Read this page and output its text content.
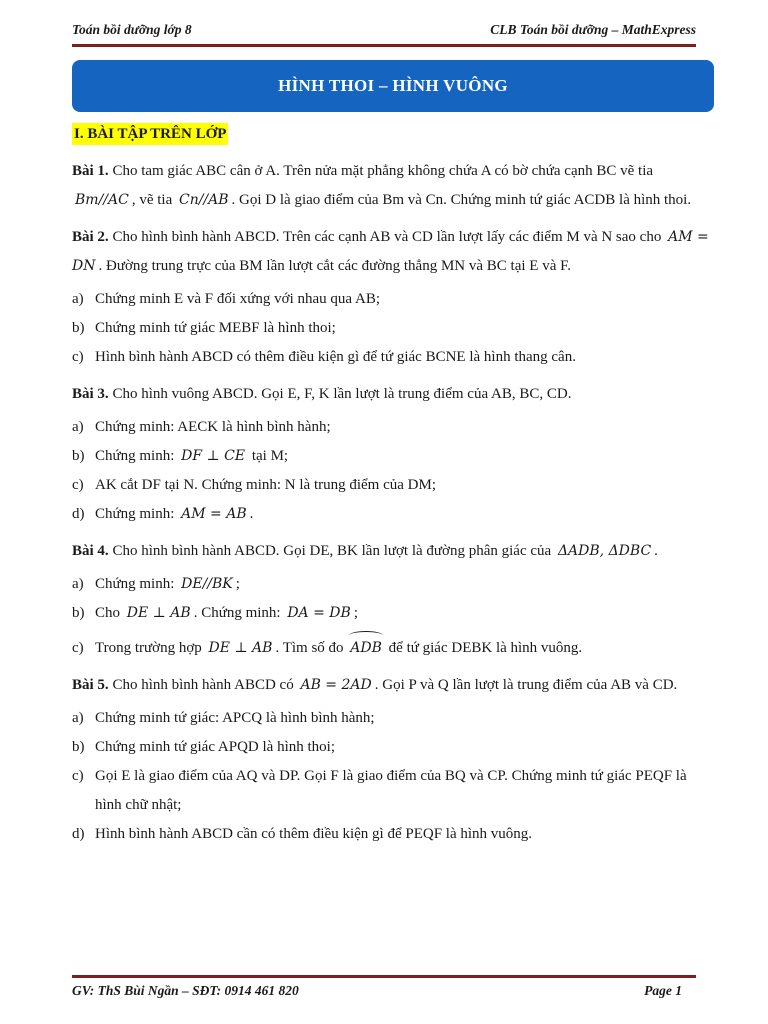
Toán bồi dưỡng lớp 8	CLB Toán bồi dưỡng – MathExpress
HÌNH THOI – HÌNH VUÔNG
I. BÀI TẬP TRÊN LỚP

Bài 1. Cho tam giác ABC cân ở A. Trên nửa mặt phẳng không chứa A có bờ chứa cạnh BC vẽ tia Bm//AC , vẽ tia Cn//AB . Gọi D là giao điểm của Bm và Cn. Chứng minh tứ giác ACDB là hình thoi.

Bài 2. Cho hình bình hành ABCD. Trên các cạnh AB và CD lần lượt lấy các điểm M và N sao cho AM = DN . Đường trung trực của BM lần lượt cắt các đường thẳng MN và BC tại E và F.

a) Chứng minh E và F đối xứng với nhau qua AB;
b) Chứng minh tứ giác MEBF là hình thoi;
c) Hình bình hành ABCD có thêm điều kiện gì để tứ giác BCNE là hình thang cân.

Bài 3. Cho hình vuông ABCD. Gọi E, F, K lần lượt là trung điểm của AB, BC, CD.

a) Chứng minh: AECK là hình bình hành;
b) Chứng minh: DF ⊥ CE tại M;
c) AK cắt DF tại N. Chứng minh: N là trung điểm của DM;
d) Chứng minh: AM = AB .

Bài 4. Cho hình bình hành ABCD. Gọi DE, BK lần lượt là đường phân giác của ΔADB, ΔDBC .

a) Chứng minh: DE//BK ;
b) Cho DE ⊥ AB . Chứng minh: DA = DB ;
c) Trong trường hợp DE ⊥ AB . Tìm số đo ADB để tứ giác DEBK là hình vuông.

Bài 5. Cho hình bình hành ABCD có AB = 2AD . Gọi P và Q lần lượt là trung điểm của AB và CD.

a) Chứng minh tứ giác: APCQ là hình bình hành;
b) Chứng minh tứ giác APQD là hình thoi;
c) Gọi E là giao điểm của AQ và DP. Gọi F là giao điểm của BQ và CP. Chứng minh tứ giác PEQF là hình chữ nhật;
d) Hình bình hành ABCD cần có thêm điều kiện gì để PEQF là hình vuông.
GV: ThS Bùi Ngần – SĐT: 0914 461 820	Page 1
